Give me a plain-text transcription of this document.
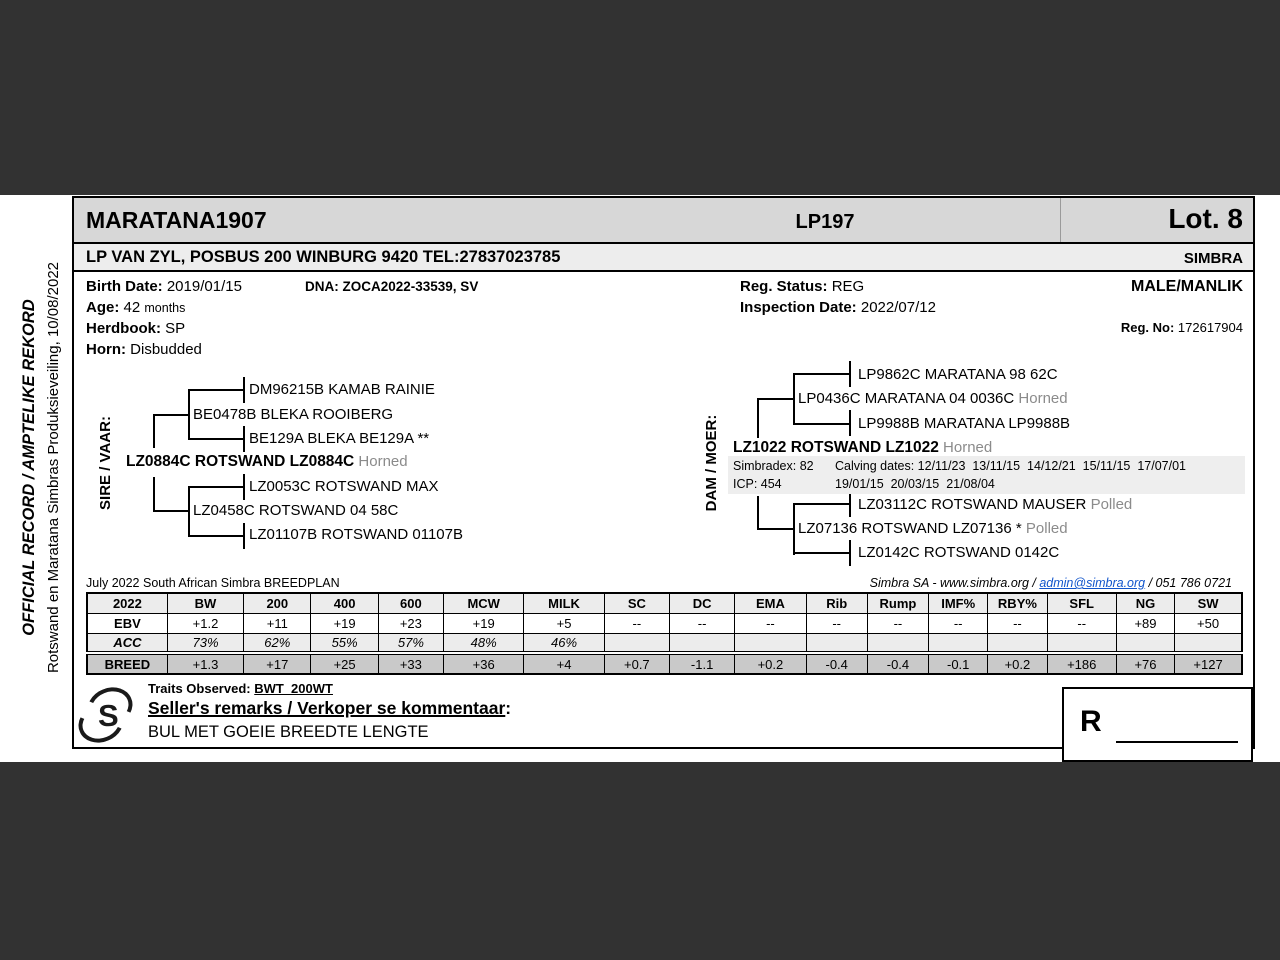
OFFICIAL RECORD / AMPTELIKE REKORD Rotswand en Maratana Simbras Produksieveiling, 10/08/2022
MARATANA1907	LP197	Lot. 8
LP VAN ZYL, POSBUS 200 WINBURG 9420 TEL:27837023785	SIMBRA
Birth Date: 2019/01/15	DNA: ZOCA2022-33539, SV
Age: 42 months
Herdbook: SP
Horn: Disbudded
Reg. Status: REG
Inspection Date: 2022/07/12
MALE/MANLIK
Reg. No: 172617904
SIRE / VAAR:
DM96215B KAMAB RAINIE
BE0478B BLEKA ROOIBERG
BE129A BLEKA BE129A **
LZ0884C ROTSWAND LZ0884C Horned
LZ0053C ROTSWAND MAX
LZ0458C ROTSWAND 04 58C
LZ01107B ROTSWAND 01107B
DAM / MOER:
LP9862C MARATANA 98 62C
LP0436C MARATANA 04 0036C Horned
LP9988B MARATANA LP9988B
LZ1022 ROTSWAND LZ1022 Horned
Simbradex: 82
ICP: 454
Calving dates: 12/11/23  13/11/15  14/12/21  15/11/15  17/07/01
19/01/15  20/03/15  21/08/04
LZ03112C ROTSWAND MAUSER Polled
LZ07136 ROTSWAND LZ07136 * Polled
LZ0142C ROTSWAND 0142C
July 2022 South African Simbra BREEDPLAN	Simbra SA - www.simbra.org / admin@simbra.org / 051 786 0721
2022	BW	200	400	600	MCW	MILK	SC	DC	EMA	Rib	Rump	IMF%	RBY%	SFL	NG	SW
EBV	+1.2	+11	+19	+23	+19	+5	--	--	--	--	--	--	--	--	+89	+50
ACC	73%	62%	55%	57%	48%	46%										
BREED	+1.3	+17	+25	+33	+36	+4	+0.7	-1.1	+0.2	-0.4	-0.4	-0.1	+0.2	+186	+76	+127
S
Traits Observed: BWT  200WT
Seller's remarks / Verkoper se kommentaar:
BUL MET GOEIE BREEDTE LENGTE	R
